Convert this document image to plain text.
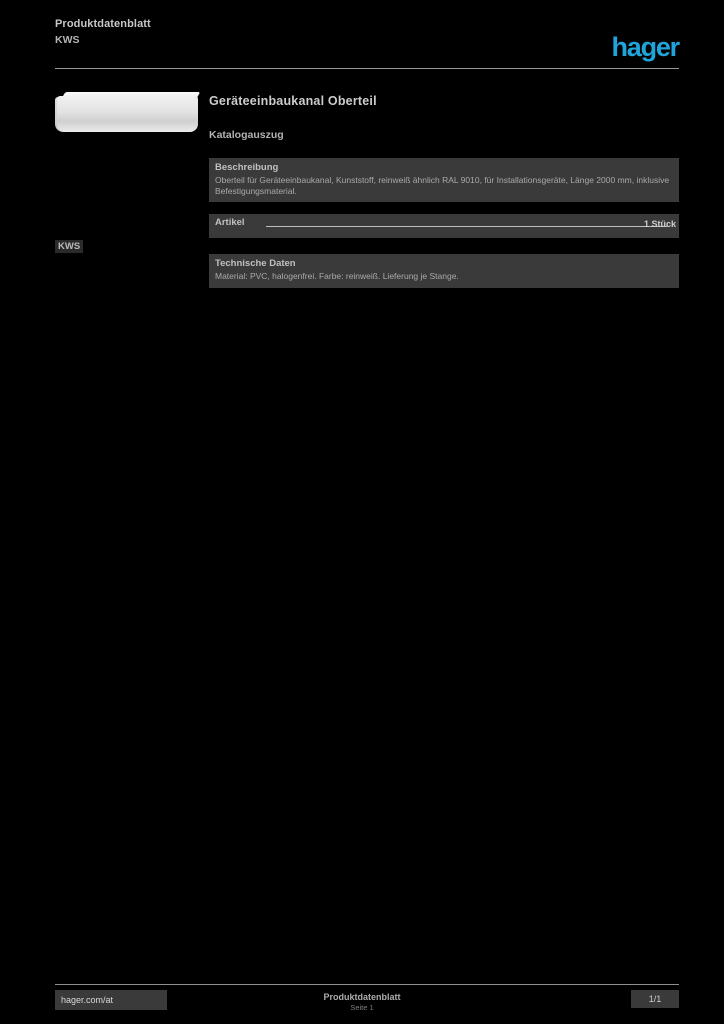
Produktdatenblatt
KWS	hager
KWS
Geräteeinbaukanal Oberteil
Katalogauszug
Beschreibung
Oberteil für Geräteeinbaukanal, Kunststoff, reinweiß ähnlich RAL 9010, für Installationsgeräte, Länge 2000 mm, inklusive Befestigungsmaterial.
Artikel	1 Stück
Technische Daten
Material: PVC, halogenfrei. Farbe: reinweiß. Lieferung je Stange.
hager.com/at	Produktdatenblatt	1/1
Seite 1
